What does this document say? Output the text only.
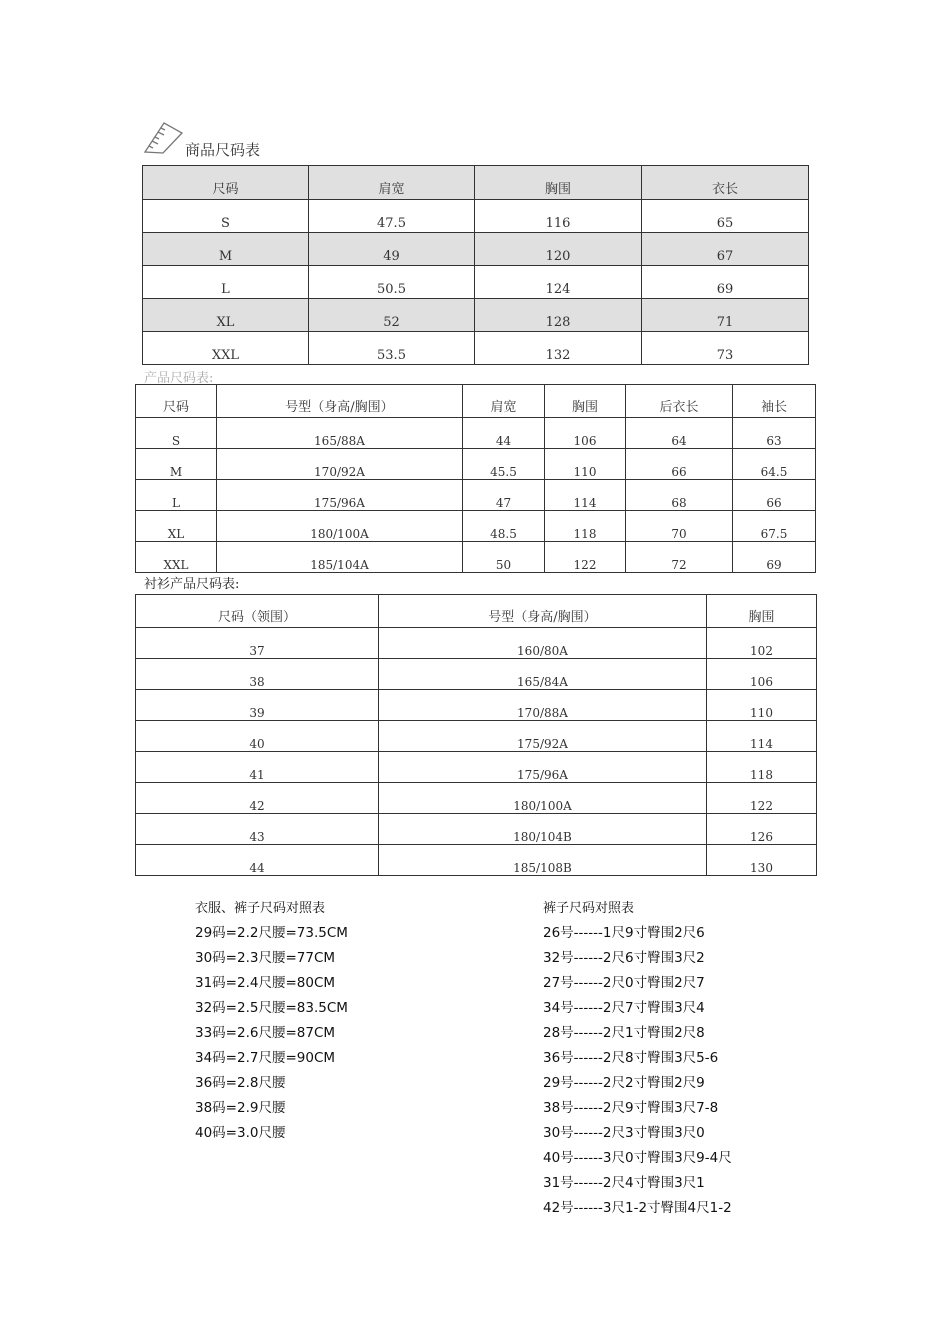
商品尺码表
尺码	肩宽	胸围	衣长
S	47.5	116	65
M	49	120	67
L	50.5	124	69
XL	52	128	71
XXL	53.5	132	73
产品尺码表:
尺码	号型（身高/胸围）	肩宽	胸围	后衣长	袖长
S	165/88A	44	106	64	63
M	170/92A	45.5	110	66	64.5
L	175/96A	47	114	68	66
XL	180/100A	48.5	118	70	67.5
XXL	185/104A	50	122	72	69
衬衫产品尺码表:
尺码（领围）	号型（身高/胸围）	胸围
37	160/80A	102
38	165/84A	106
39	170/88A	110
40	175/92A	114
41	175/96A	118
42	180/100A	122
43	180/104B	126
44	185/108B	130
衣服、裤子尺码对照表
29码=2.2尺腰=73.5CM
30码=2.3尺腰=77CM
31码=2.4尺腰=80CM
32码=2.5尺腰=83.5CM
33码=2.6尺腰=87CM
34码=2.7尺腰=90CM
36码=2.8尺腰
38码=2.9尺腰
40码=3.0尺腰
裤子尺码对照表
26号------1尺9寸臀围2尺6
32号------2尺6寸臀围3尺2
27号------2尺0寸臀围2尺7
34号------2尺7寸臀围3尺4
28号------2尺1寸臀围2尺8
36号------2尺8寸臀围3尺5-6
29号------2尺2寸臀围2尺9
38号------2尺9寸臀围3尺7-8
30号------2尺3寸臀围3尺0
40号------3尺0寸臀围3尺9-4尺
31号------2尺4寸臀围3尺1
42号------3尺1-2寸臀围4尺1-2
